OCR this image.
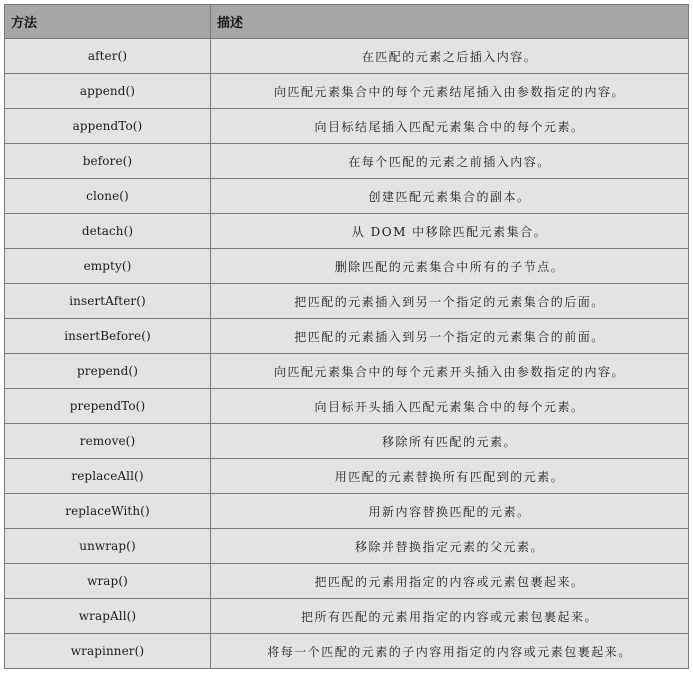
方法	描述
after()	在匹配的元素之后插入内容。
append()	向匹配元素集合中的每个元素结尾插入由参数指定的内容。
appendTo()	向目标结尾插入匹配元素集合中的每个元素。
before()	在每个匹配的元素之前插入内容。
clone()	创建匹配元素集合的副本。
detach()	从 DOM 中移除匹配元素集合。
empty()	删除匹配的元素集合中所有的子节点。
insertAfter()	把匹配的元素插入到另一个指定的元素集合的后面。
insertBefore()	把匹配的元素插入到另一个指定的元素集合的前面。
prepend()	向匹配元素集合中的每个元素开头插入由参数指定的内容。
prependTo()	向目标开头插入匹配元素集合中的每个元素。
remove()	移除所有匹配的元素。
replaceAll()	用匹配的元素替换所有匹配到的元素。
replaceWith()	用新内容替换匹配的元素。
unwrap()	移除并替换指定元素的父元素。
wrap()	把匹配的元素用指定的内容或元素包裹起来。
wrapAll()	把所有匹配的元素用指定的内容或元素包裹起来。
wrapinner()	将每一个匹配的元素的子内容用指定的内容或元素包裹起来。
